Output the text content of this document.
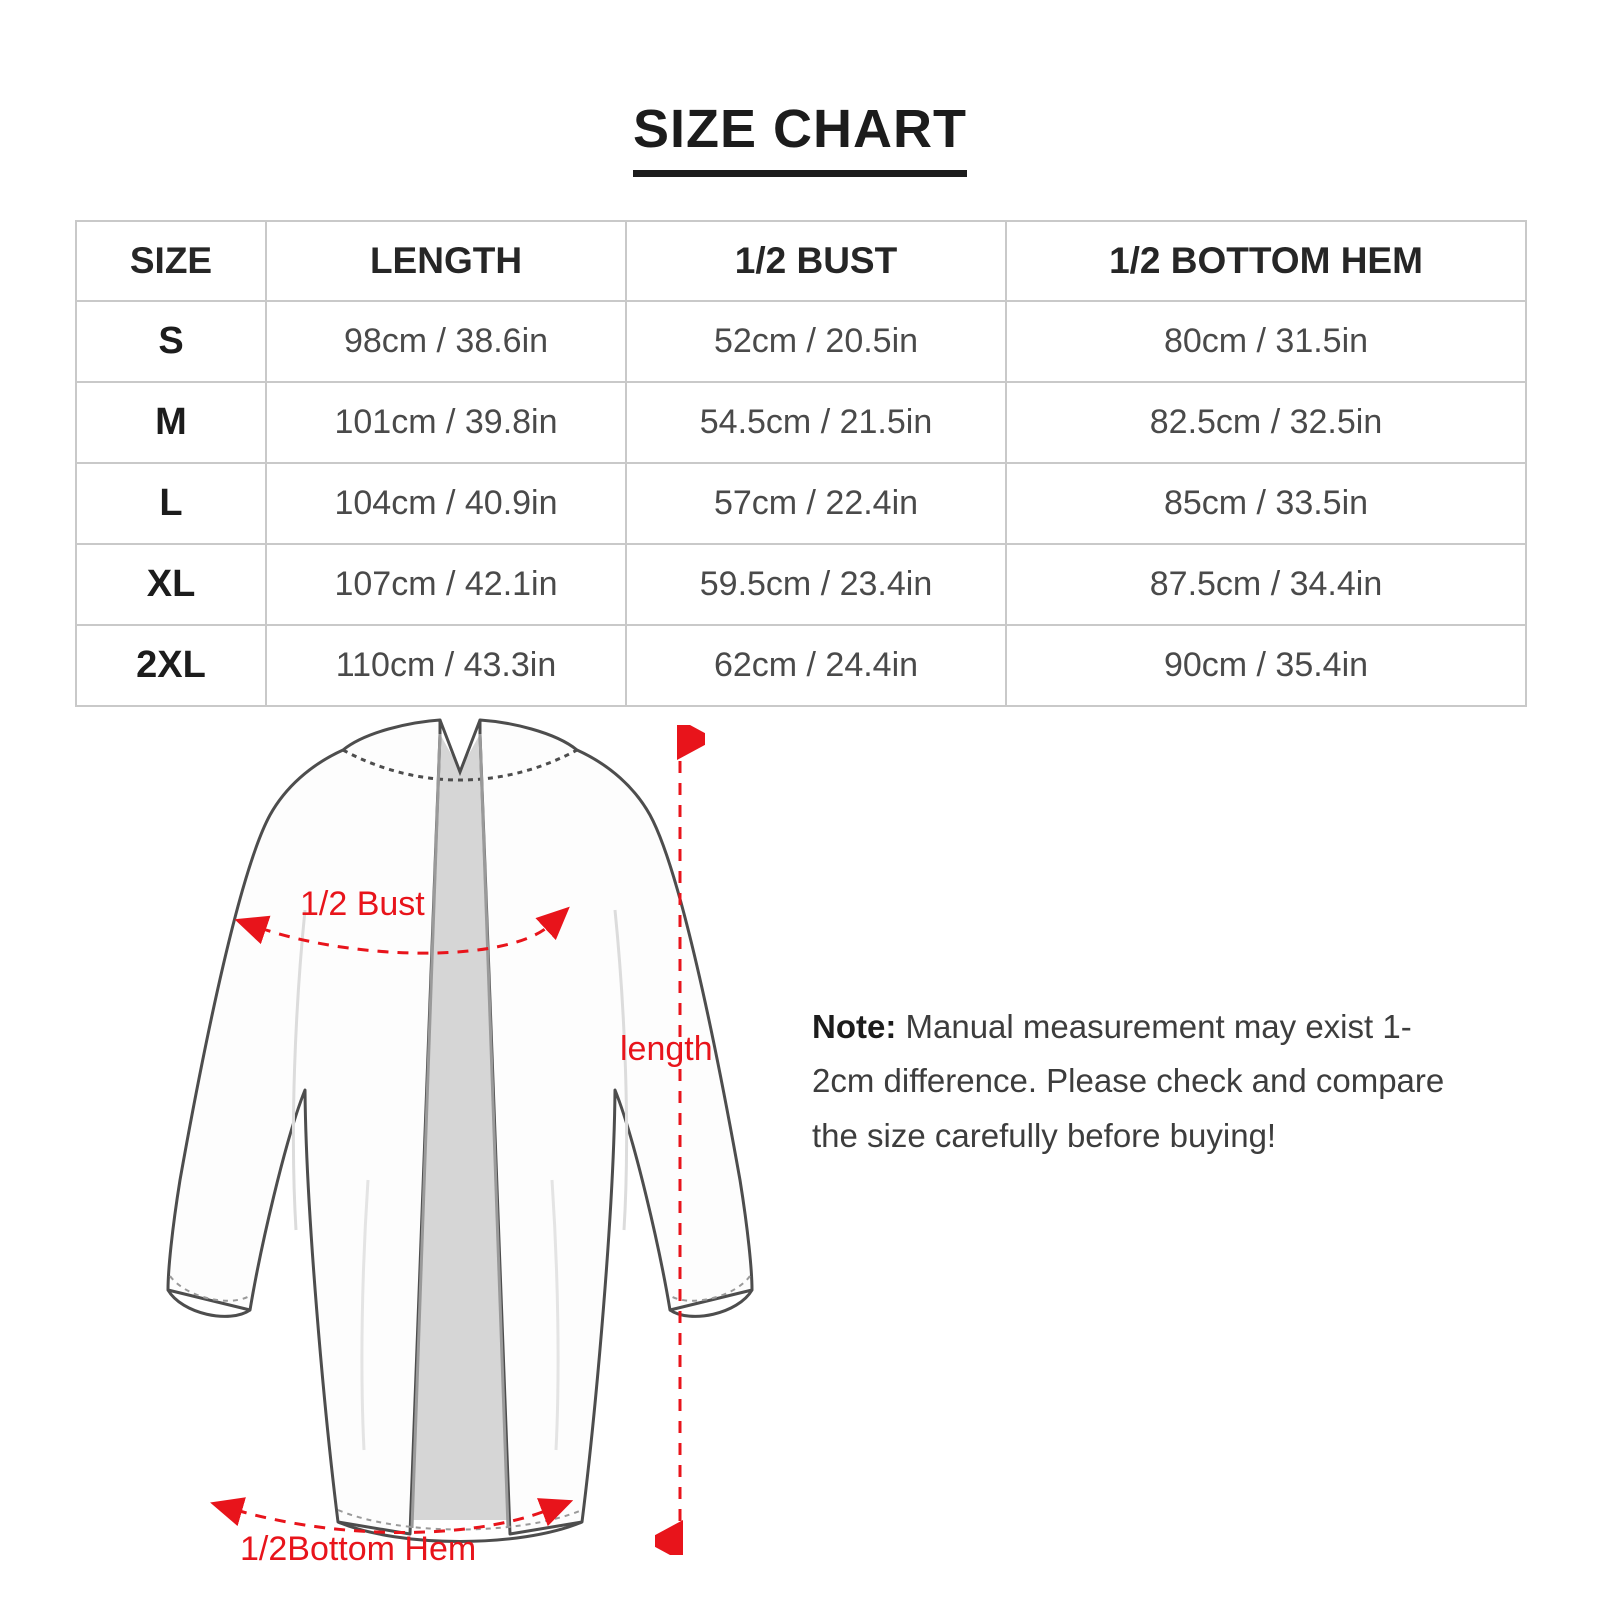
SIZE CHART
SIZE	LENGTH	1/2 BUST	1/2 BOTTOM HEM
S	98cm / 38.6in	52cm / 20.5in	80cm / 31.5in
M	101cm / 39.8in	54.5cm / 21.5in	82.5cm / 32.5in
L	104cm / 40.9in	57cm / 22.4in	85cm / 33.5in
XL	107cm / 42.1in	59.5cm / 23.4in	87.5cm / 34.4in
2XL	110cm / 43.3in	62cm / 24.4in	90cm / 35.4in
1/2 Bust
length
1/2Bottom Hem
Note: Manual measurement may exist 1-2cm difference. Please check and compare the size carefully before buying!
